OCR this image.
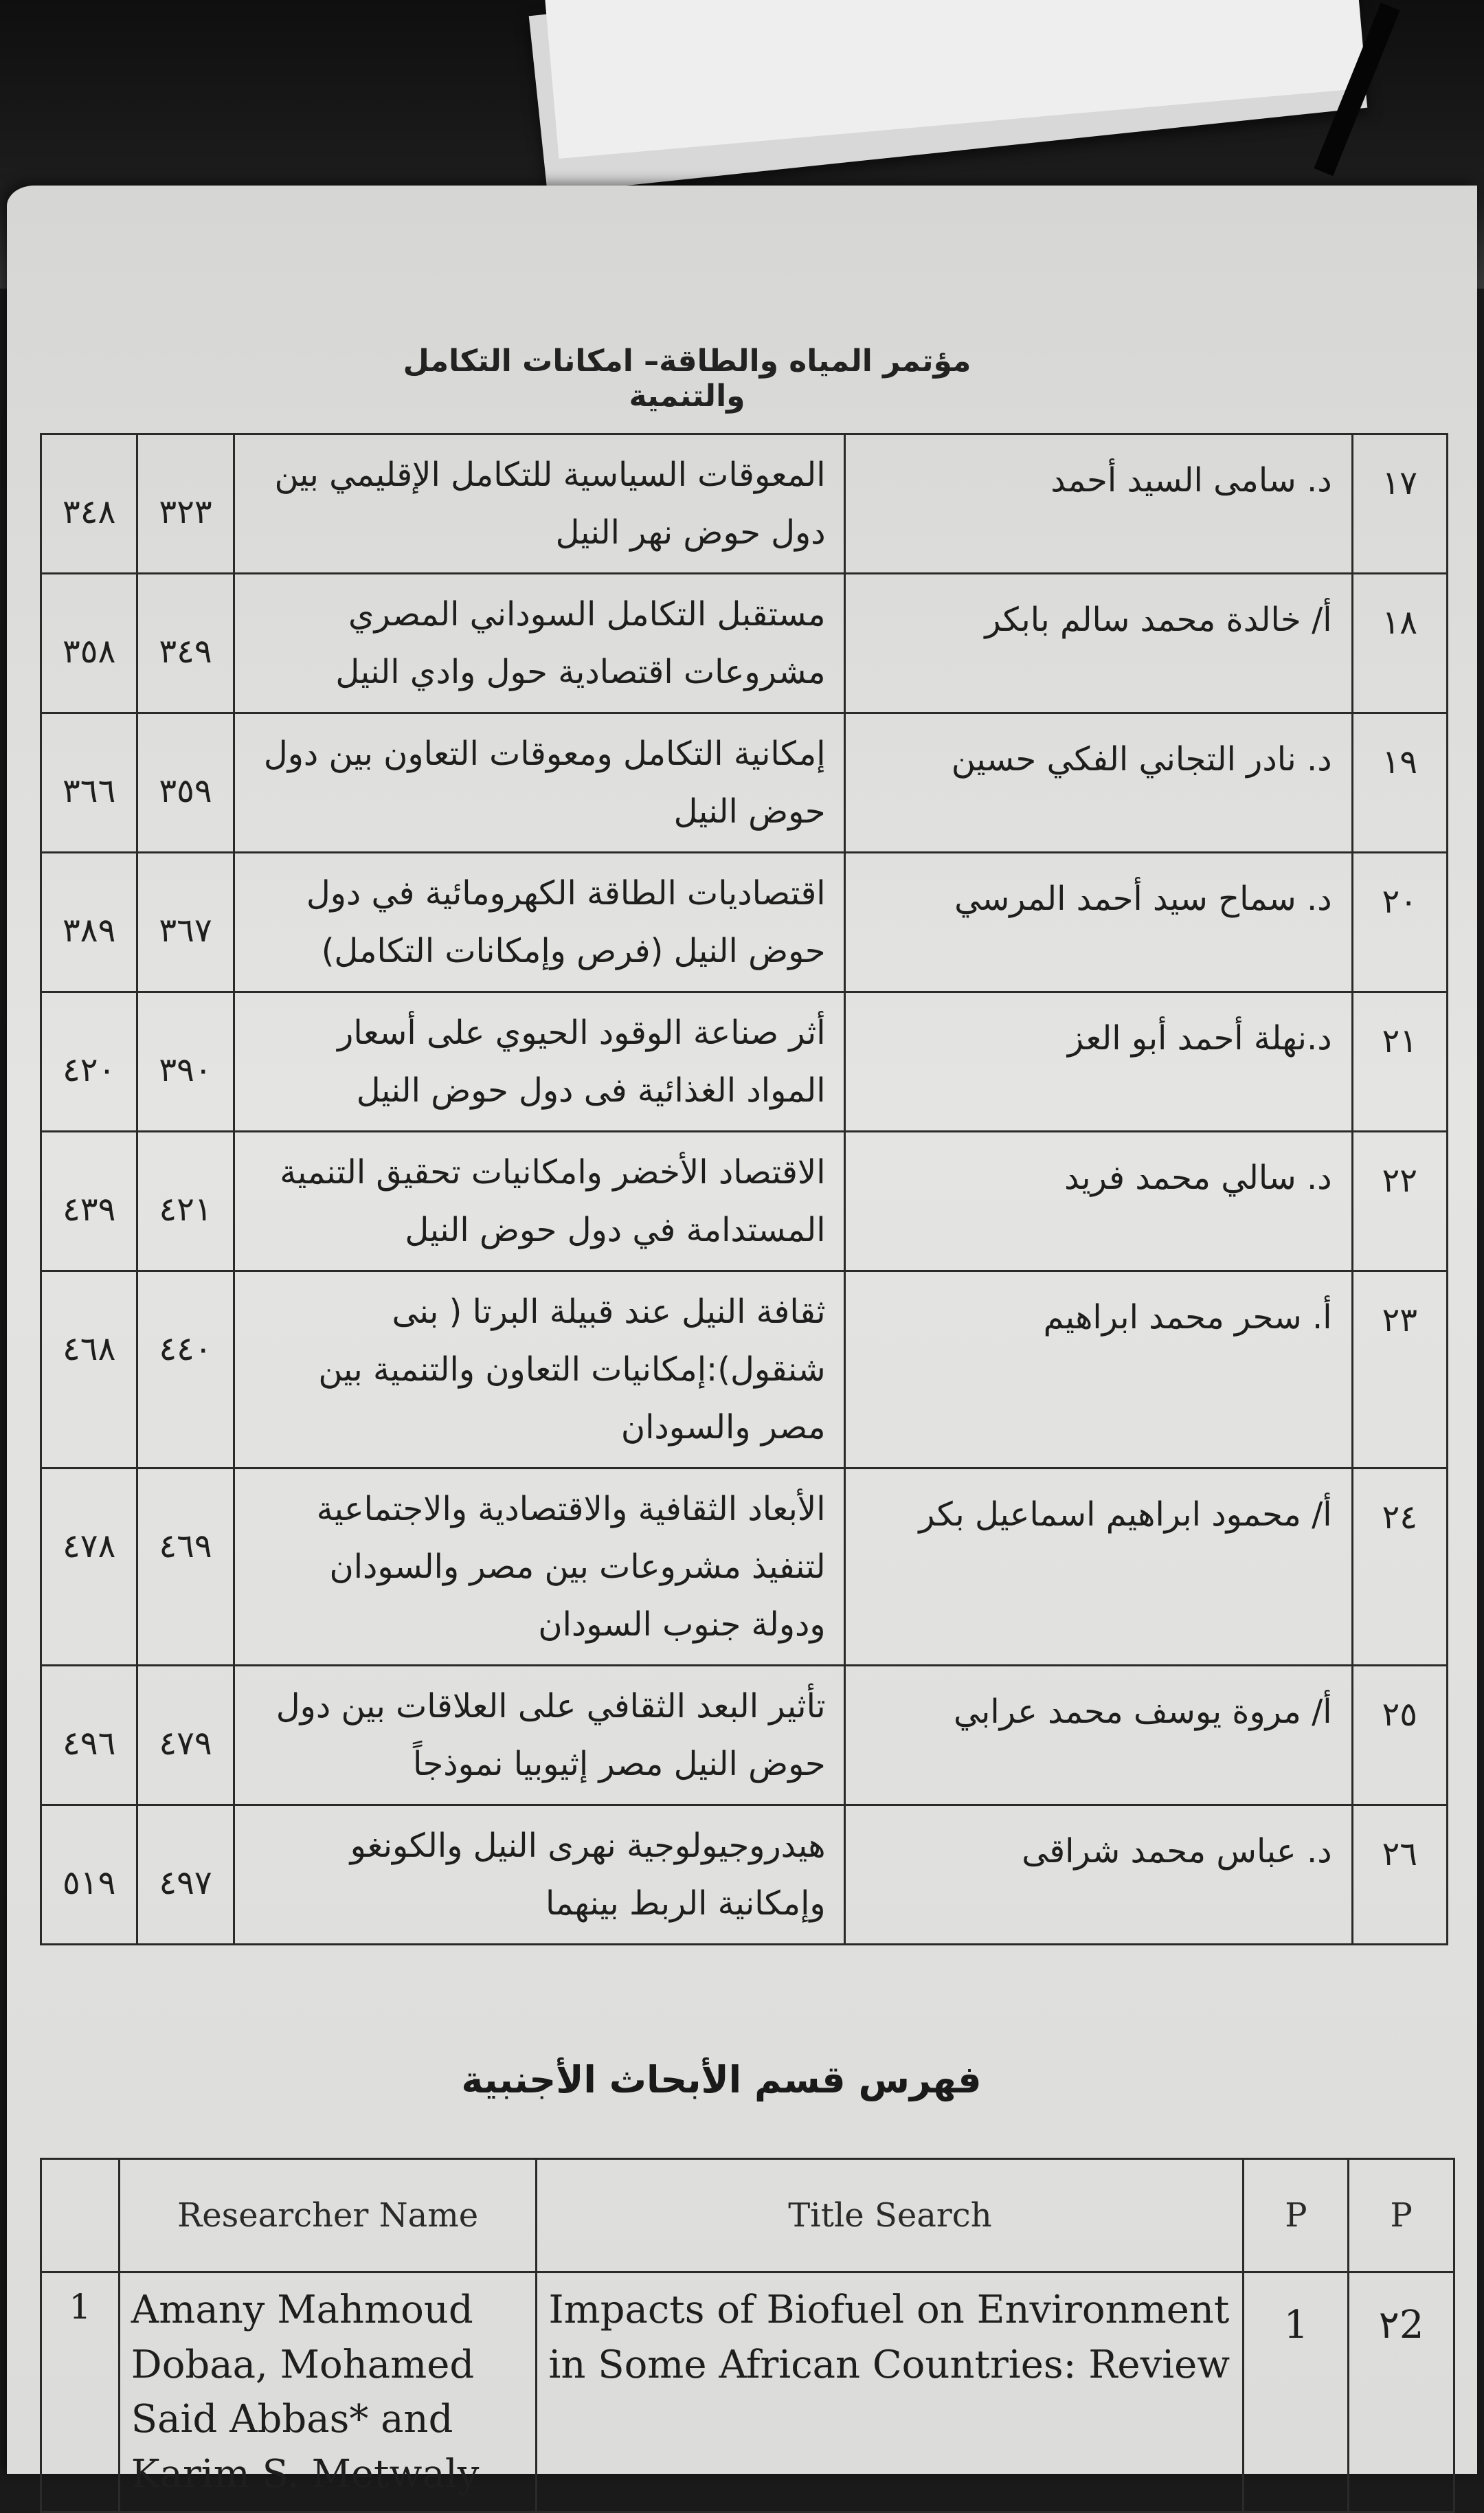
مؤتمر المياه والطاقة– امكانات التكامل والتنمية
١٧	د. سامى السيد أحمد	المعوقات السياسية للتكامل الإقليمي بين دول حوض نهر النيل	٣٢٣	٣٤٨
١٨	أ/ خالدة محمد سالم بابكر	مستقبل التكامل السوداني المصري مشروعات اقتصادية حول وادي النيل	٣٤٩	٣٥٨
١٩	د. نادر التجاني الفكي حسين	إمكانية التكامل ومعوقات التعاون بين دول حوض النيل	٣٥٩	٣٦٦
٢٠	د. سماح سيد أحمد المرسي	اقتصاديات الطاقة الكهرومائية في دول حوض النيل (فرص وإمكانات التكامل)	٣٦٧	٣٨٩
٢١	د.نهلة أحمد أبو العز	أثر صناعة الوقود الحيوي على أسعار المواد الغذائية فى دول حوض النيل	٣٩٠	٤٢٠
٢٢	د. سالي محمد فريد	الاقتصاد الأخضر وامكانيات تحقيق التنمية المستدامة في دول حوض النيل	٤٢١	٤٣٩
٢٣	أ. سحر محمد ابراهيم	ثقافة النيل عند قبيلة البرتا ( بنى شنقول):إمكانيات التعاون والتنمية بين مصر والسودان	٤٤٠	٤٦٨
٢٤	أ/ محمود ابراهيم اسماعيل بكر	الأبعاد الثقافية والاقتصادية والاجتماعية لتنفيذ مشروعات بين مصر والسودان ودولة جنوب السودان	٤٦٩	٤٧٨
٢٥	أ/ مروة يوسف محمد عرابي	تأثير البعد الثقافي على العلاقات بين دول حوض النيل مصر إثيوبيا نموذجاً	٤٧٩	٤٩٦
٢٦	د. عباس محمد شراقى	هيدروجيولوجية نهرى النيل والكونغو وإمكانية الربط بينهما	٤٩٧	٥١٩
فهرس قسم الأبحاث الأجنبية
	Researcher Name	Title Search	P	P
1	Amany Mahmoud Dobaa, Mohamed Said Abbas* and Karim S. Metwaly	Impacts of Biofuel on Environment in Some African Countries: Review	1	٢2
